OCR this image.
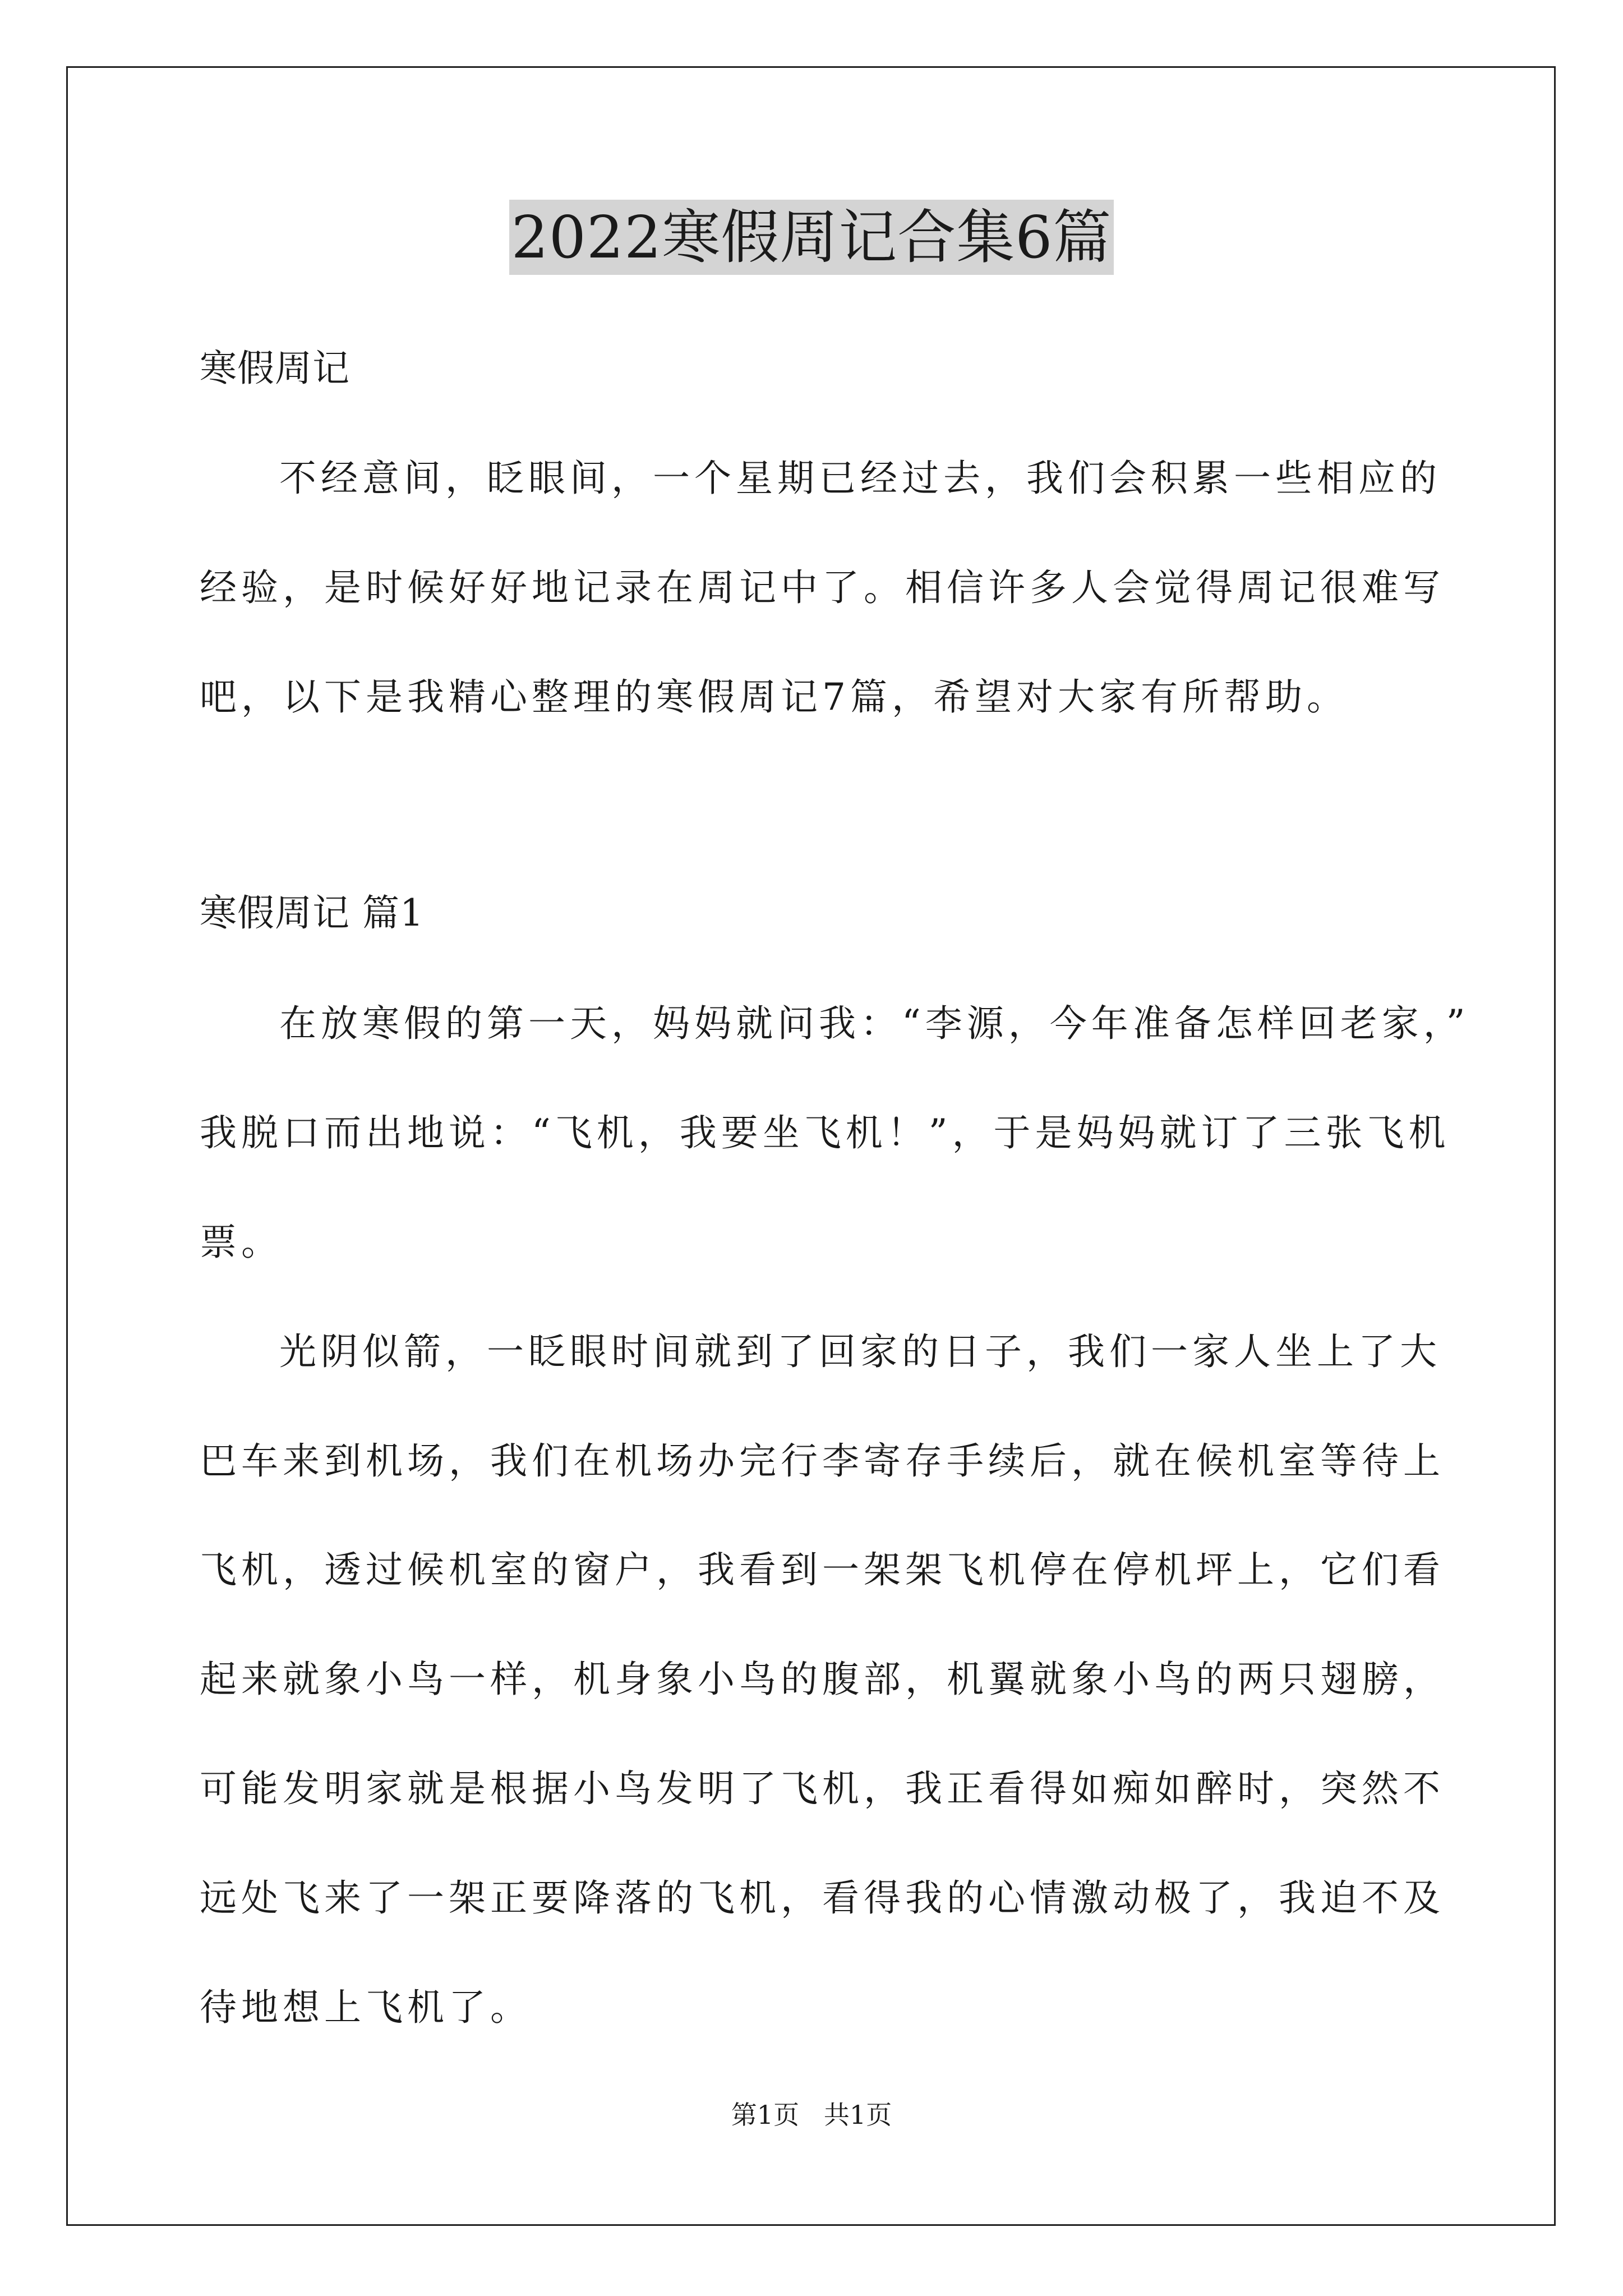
2022寒假周记合集6篇
寒假周记
不经意间，眨眼间，一个星期已经过去，我们会积累一些相应的
经验，是时候好好地记录在周记中了。相信许多人会觉得周记很难写
吧，以下是我精心整理的寒假周记7篇，希望对大家有所帮助。
寒假周记 篇1
在放寒假的第一天，妈妈就问我：“李源，今年准备怎样回老家，”
我脱口而出地说：“飞机，我要坐飞机！”，于是妈妈就订了三张飞机
票。
光阴似箭，一眨眼时间就到了回家的日子，我们一家人坐上了大
巴车来到机场，我们在机场办完行李寄存手续后，就在候机室等待上
飞机，透过候机室的窗户，我看到一架架飞机停在停机坪上，它们看
起来就象小鸟一样，机身象小鸟的腹部，机翼就象小鸟的两只翅膀，
可能发明家就是根据小鸟发明了飞机，我正看得如痴如醉时，突然不
远处飞来了一架正要降落的飞机，看得我的心情激动极了，我迫不及
待地想上飞机了。
第1页   共1页
